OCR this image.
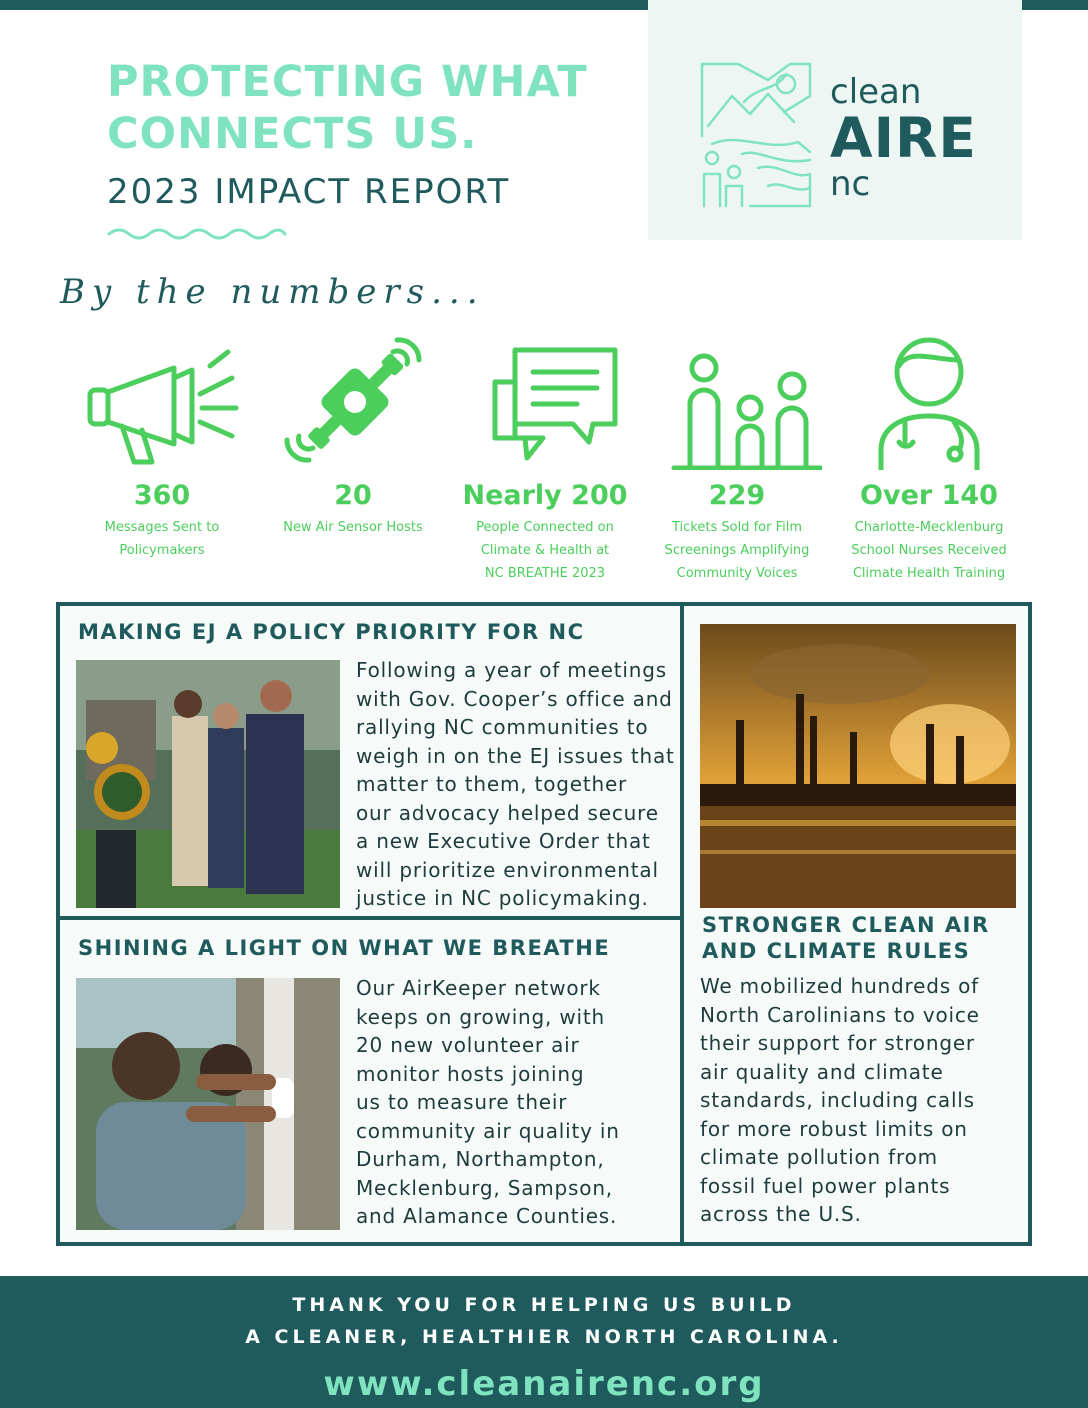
PROTECTING WHAT
CONNECTS US.
2023 IMPACT REPORT
clean
AIRE
nc
By the numbers...
360
Messages Sent to
Policymakers
20
New Air Sensor Hosts
Nearly 200
People Connected on
Climate & Health at
NC BREATHE 2023
229
Tickets Sold for Film
Screenings Amplifying
Community Voices
Over 140
Charlotte-Mecklenburg
School Nurses Received
Climate Health Training
MAKING EJ A POLICY PRIORITY FOR NC
Following a year of meetings
with Gov. Cooper’s office and
rallying NC communities to
weigh in on the EJ issues that
matter to them, together
our advocacy helped secure
a new Executive Order that
will prioritize environmental
justice in NC policymaking.
SHINING A LIGHT ON WHAT WE BREATHE
Our AirKeeper network
keeps on growing, with
20 new volunteer air
monitor hosts joining
us to measure their
community air quality in
Durham, Northampton,
Mecklenburg, Sampson,
and Alamance Counties.
STRONGER CLEAN AIR
AND CLIMATE RULES
We mobilized hundreds of
North Carolinians to voice
their support for stronger
air quality and climate
standards, including calls
for more robust limits on
climate pollution from
fossil fuel power plants
across the U.S.
THANK YOU FOR HELPING US BUILD
A CLEANER, HEALTHIER NORTH CAROLINA.
www.cleanairenc.org
